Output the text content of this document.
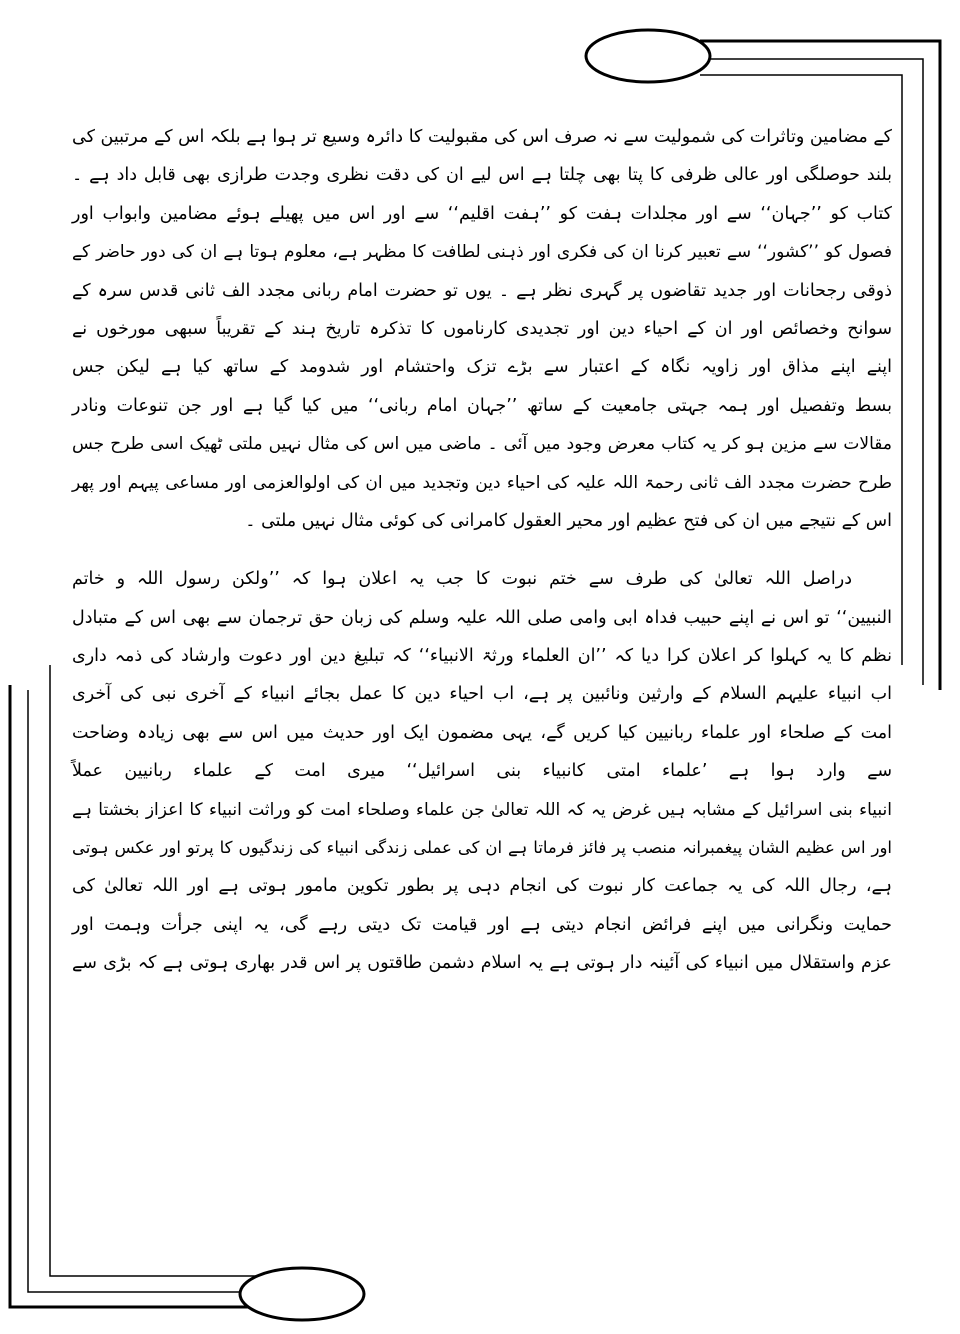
کے مضامین وتاثرات کی شمولیت سے نہ صرف اس کی مقبولیت کا دائرہ وسیع تر ہوا ہے بلکہ اس کے مرتبین کی
بلند حوصلگی اور عالی ظرفی کا پتا بھی چلتا ہے اس لیے ان کی دقت نظری وجدت طرازی بھی قابل داد ہے ۔
کتاب کو ’’جہان‘‘ سے اور مجلدات ہفت کو ’’ہفت اقلیم‘‘ سے اور اس میں پھیلے ہوئے مضامین وابواب اور
فصول کو ’’کشور‘‘ سے تعبیر کرنا ان کی فکری اور ذہنی لطافت کا مظہر ہے، معلوم ہوتا ہے ان کی دور حاضر کے
ذوقی رجحانات اور جدید تقاضوں پر گہری نظر ہے ۔ یوں تو حضرت امام ربانی مجدد الف ثانی قدس سرہ کے
سوانح وخصائص اور ان کے احیاء دین اور تجدیدی کارناموں کا تذکرہ تاریخ ہند کے تقریباً سبھی مورخوں نے
اپنے اپنے مذاق اور زاویہ نگاہ کے اعتبار سے بڑے تزک واحتشام اور شدومد کے ساتھ کیا ہے لیکن جس
بسط وتفصیل اور ہمہ جہتی جامعیت کے ساتھ ’’جہان امام ربانی‘‘ میں کیا گیا ہے اور جن تنوعات ونادر
مقالات سے مزین ہو کر یہ کتاب معرض وجود میں آئی ۔ ماضی میں اس کی مثال نہیں ملتی ٹھیک اسی طرح جس
طرح حضرت مجدد الف ثانی رحمۃ اللہ علیہ کی احیاء دین وتجدید میں ان کی اولوالعزمی اور مساعی پیہم اور پھر
اس کے نتیجے میں ان کی فتح عظیم اور محیر العقول کامرانی کی کوئی مثال نہیں ملتی ۔
دراصل اللہ تعالیٰ کی طرف سے ختم نبوت کا جب یہ اعلان ہوا کہ ’’ولکن رسول اللہ و خاتم
النبیین‘‘ تو اس نے اپنے حبیب فداہ ابی وامی صلی اللہ علیہ وسلم کی زبان حق ترجمان سے بھی اس کے متبادل
نظم کا یہ کہلوا کر اعلان کرا دیا کہ ’’ان العلماء ورثۃ الانبیاء‘‘ کہ تبلیغ دین اور دعوت وارشاد کی ذمہ داری
اب انبیاء علیہم السلام کے وارثین ونائبین پر ہے، اب احیاء دین کا عمل بجائے انبیاء کے آخری نبی کی آخری
امت کے صلحاء اور علماء ربانیین کیا کریں گے، یہی مضمون ایک اور حدیث میں اس سے بھی زیادہ وضاحت
سے وارد ہوا ہے ’علماء امتی کانبیاء بنی اسرائیل‘‘ میری امت کے علماء ربانیین عملاً
انبیاء بنی اسرائیل کے مشابہ ہیں غرض یہ کہ اللہ تعالیٰ جن علماء وصلحاء امت کو وراثت انبیاء کا اعزاز بخشتا ہے
اور اس عظیم الشان پیغمبرانہ منصب پر فائز فرماتا ہے ان کی عملی زندگی انبیاء کی زندگیوں کا پرتو اور عکس ہوتی
ہے، رجال اللہ کی یہ جماعت کار نبوت کی انجام دہی پر بطور تکوین مامور ہوتی ہے اور اللہ تعالیٰ کی
حمایت ونگرانی میں اپنے فرائض انجام دیتی ہے اور قیامت تک دیتی رہے گی، یہ اپنی جرأت وہمت اور
عزم واستقلال میں انبیاء کی آئینہ دار ہوتی ہے یہ اسلام دشمن طاقتوں پر اس قدر بھاری ہوتی ہے کہ بڑی سے
